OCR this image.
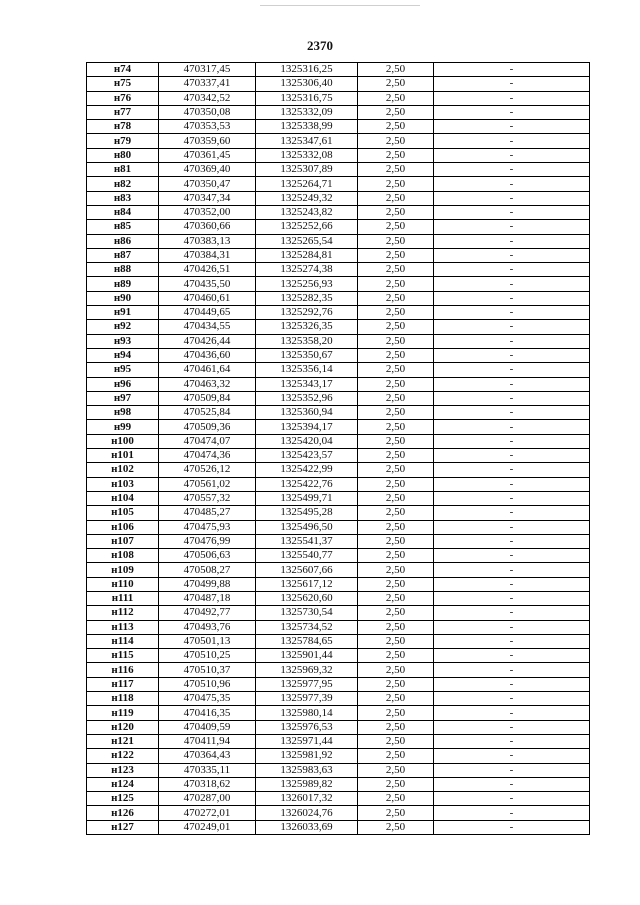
2370
н74	470317,45	1325316,25	2,50	-
н75	470337,41	1325306,40	2,50	-
н76	470342,52	1325316,75	2,50	-
н77	470350,08	1325332,09	2,50	-
н78	470353,53	1325338,99	2,50	-
н79	470359,60	1325347,61	2,50	-
н80	470361,45	1325332,08	2,50	-
н81	470369,40	1325307,89	2,50	-
н82	470350,47	1325264,71	2,50	-
н83	470347,34	1325249,32	2,50	-
н84	470352,00	1325243,82	2,50	-
н85	470360,66	1325252,66	2,50	-
н86	470383,13	1325265,54	2,50	-
н87	470384,31	1325284,81	2,50	-
н88	470426,51	1325274,38	2,50	-
н89	470435,50	1325256,93	2,50	-
н90	470460,61	1325282,35	2,50	-
н91	470449,65	1325292,76	2,50	-
н92	470434,55	1325326,35	2,50	-
н93	470426,44	1325358,20	2,50	-
н94	470436,60	1325350,67	2,50	-
н95	470461,64	1325356,14	2,50	-
н96	470463,32	1325343,17	2,50	-
н97	470509,84	1325352,96	2,50	-
н98	470525,84	1325360,94	2,50	-
н99	470509,36	1325394,17	2,50	-
н100	470474,07	1325420,04	2,50	-
н101	470474,36	1325423,57	2,50	-
н102	470526,12	1325422,99	2,50	-
н103	470561,02	1325422,76	2,50	-
н104	470557,32	1325499,71	2,50	-
н105	470485,27	1325495,28	2,50	-
н106	470475,93	1325496,50	2,50	-
н107	470476,99	1325541,37	2,50	-
н108	470506,63	1325540,77	2,50	-
н109	470508,27	1325607,66	2,50	-
н110	470499,88	1325617,12	2,50	-
н111	470487,18	1325620,60	2,50	-
н112	470492,77	1325730,54	2,50	-
н113	470493,76	1325734,52	2,50	-
н114	470501,13	1325784,65	2,50	-
н115	470510,25	1325901,44	2,50	-
н116	470510,37	1325969,32	2,50	-
н117	470510,96	1325977,95	2,50	-
н118	470475,35	1325977,39	2,50	-
н119	470416,35	1325980,14	2,50	-
н120	470409,59	1325976,53	2,50	-
н121	470411,94	1325971,44	2,50	-
н122	470364,43	1325981,92	2,50	-
н123	470335,11	1325983,63	2,50	-
н124	470318,62	1325989,82	2,50	-
н125	470287,00	1326017,32	2,50	-
н126	470272,01	1326024,76	2,50	-
н127	470249,01	1326033,69	2,50	-
